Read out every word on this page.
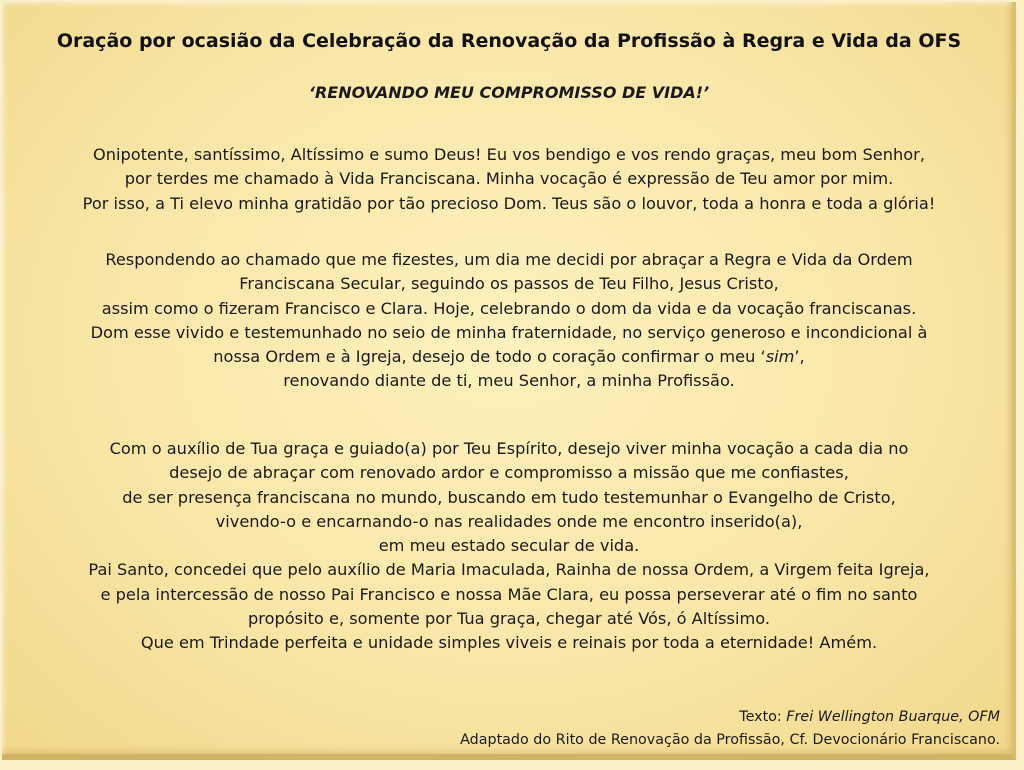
Oração por ocasião da Celebração da Renovação da Profissão à Regra e Vida da OFS
‘RENOVANDO MEU COMPROMISSO DE VIDA!’
Onipotente, santíssimo, Altíssimo e sumo Deus! Eu vos bendigo e vos rendo graças, meu bom Senhor,
por terdes me chamado à Vida Franciscana. Minha vocação é expressão de Teu amor por mim.
Por isso, a Ti elevo minha gratidão por tão precioso Dom. Teus são o louvor, toda a honra e toda a glória!
Respondendo ao chamado que me fizestes, um dia me decidi por abraçar a Regra e Vida da Ordem
Franciscana Secular, seguindo os passos de Teu Filho, Jesus Cristo,
assim como o fizeram Francisco e Clara. Hoje, celebrando o dom da vida e da vocação franciscanas.
Dom esse vivido e testemunhado no seio de minha fraternidade, no serviço generoso e incondicional à
nossa Ordem e à Igreja, desejo de todo o coração confirmar o meu ‘sim’,
renovando diante de ti, meu Senhor, a minha Profissão.
Com o auxílio de Tua graça e guiado(a) por Teu Espírito, desejo viver minha vocação a cada dia no
desejo de abraçar com renovado ardor e compromisso a missão que me confiastes,
de ser presença franciscana no mundo, buscando em tudo testemunhar o Evangelho de Cristo,
vivendo-o e encarnando-o nas realidades onde me encontro inserido(a),
em meu estado secular de vida.
Pai Santo, concedei que pelo auxílio de Maria Imaculada, Rainha de nossa Ordem, a Virgem feita Igreja,
e pela intercessão de nosso Pai Francisco e nossa Mãe Clara, eu possa perseverar até o fim no santo
propósito e, somente por Tua graça, chegar até Vós, ó Altíssimo.
Que em Trindade perfeita e unidade simples viveis e reinais por toda a eternidade! Amém.
Texto: Frei Wellington Buarque, OFM
Adaptado do Rito de Renovação da Profissão, Cf. Devocionário Franciscano.
